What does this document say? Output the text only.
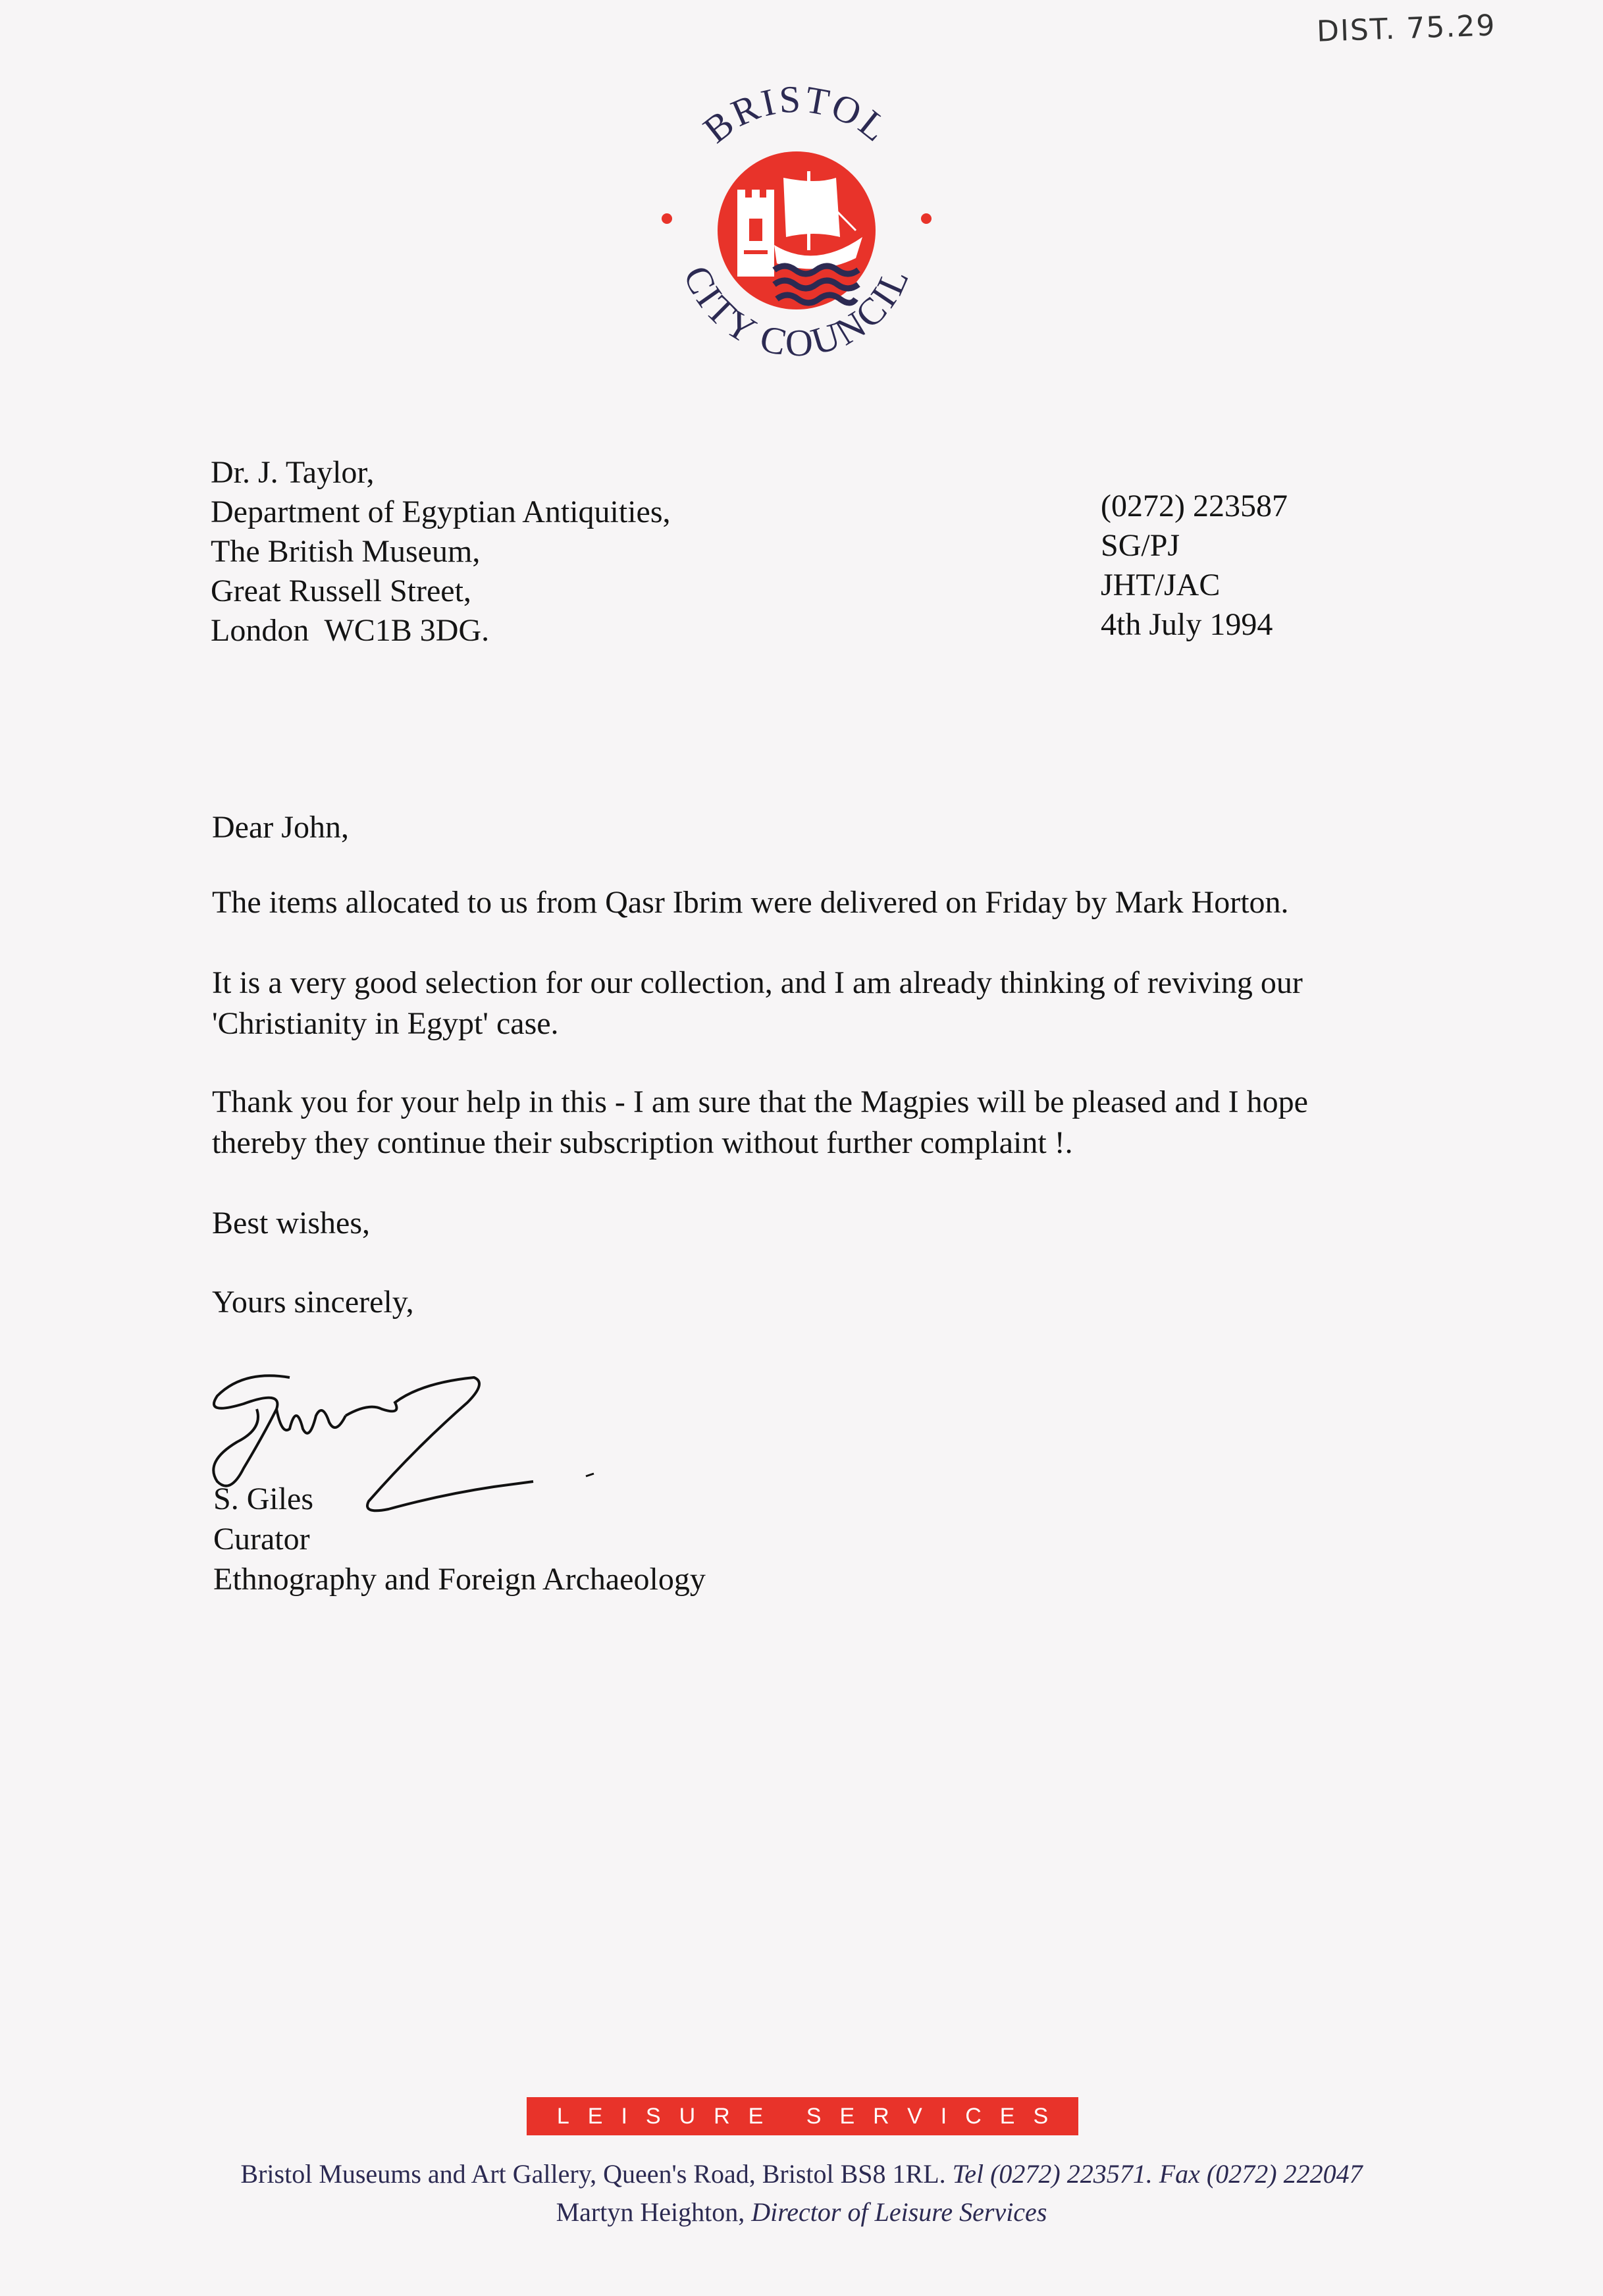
DIST. 75.29
BRISTOL
CITY COUNCIL
Dr. J. Taylor,
Department of Egyptian Antiquities,
The British Museum,
Great Russell Street,
London  WC1B 3DG.
(0272) 223587
SG/PJ
JHT/JAC
4th July 1994
Dear John,
The items allocated to us from Qasr Ibrim were delivered on Friday by Mark Horton.
It is a very good selection for our collection, and I am already thinking of reviving our 'Christianity in Egypt' case.
Thank you for your help in this - I am sure that the Magpies will be pleased and I hope thereby they continue their subscription without further complaint !.
Best wishes,
Yours sincerely,
S. Giles
Curator
Ethnography and Foreign Archaeology
LEISURE SERVICES
Bristol Museums and Art Gallery, Queen's Road, Bristol BS8 1RL. Tel (0272) 223571. Fax (0272) 222047
Martyn Heighton, Director of Leisure Services
